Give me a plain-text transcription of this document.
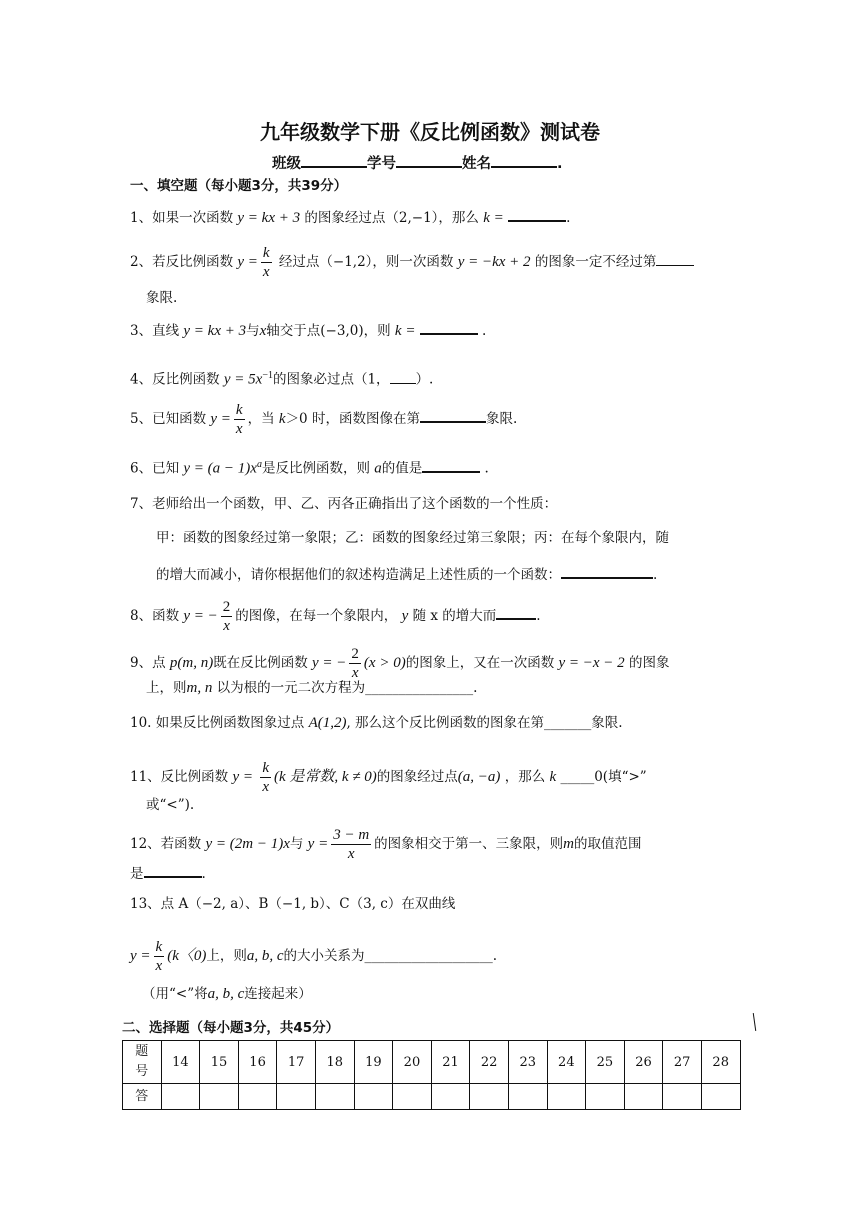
九年级数学下册《反比例函数》测试卷
班级	学号	姓名	.
一、填空题（每小题3分，共39分）
1、如果一次函数 y = kx + 3 的图象经过点（2,−1），那么 k =	.
2、若反比例函数 $y = \frac{k}{x}$ 经过点（−1,2），则一次函数 y = −kx + 2 的图象一定不经过第
象限.
3、直线 y = kx + 3与x轴交于点(−3,0)，则 k =	.
4、反比例函数 $y = 5x^{-1}$的图象必过点（1， ）.
5、已知函数 $y = \frac{k}{x}$ ，当 k＞0 时，函数图像在第	象限.
6、已知 $y = (a - 1)x^a$是反比例函数，则 a的值是	.
7、老师给出一个函数，甲、乙、丙各正确指出了这个函数的一个性质：
甲：函数的图象经过第一象限；乙：函数的图象经过第三象限；丙：在每个象限内，随
的增大而减小，请你根据他们的叙述构造满足上述性质的一个函数：	.
8、函数 y = − $\frac{2}{x}$ 的图像，在每一个象限内， y 随 x 的增大而	.
9、点 p(m, n)既在反比例函数 y = − $\frac{2}{x} (x > 0)$的图象上，又在一次函数 y = −x − 2 的图象
上，则m, n 以为根的一元二次方程为________________.
10. 如果反比例函数图象过点 A(1,2), 那么这个反比例函数的图象在第_______象限.
11、反比例函数 $y = \frac{k}{x} (k$ 是常数, k ≠ 0)的图象经过点(a, −a) ，那么 k _____0(填“>”
或“<”).
12、若函数 y = (2m − 1)x与 $y = \frac{3 - m}{x}$ 的图象相交于第一、三象限，则m的取值范围
是	.
13、点 A（−2, a）、B（−1, b）、C（3, c）在双曲线
$y = \frac{k}{x} (k$〈0)上，则a, b, c的大小关系为___________________.
（用“<”将a, b, c连接起来）
二、选择题（每小题3分，共45分）
题
号	14	15	16	17	18	19	20	21	22	23	24	25	26	27	28
答															
